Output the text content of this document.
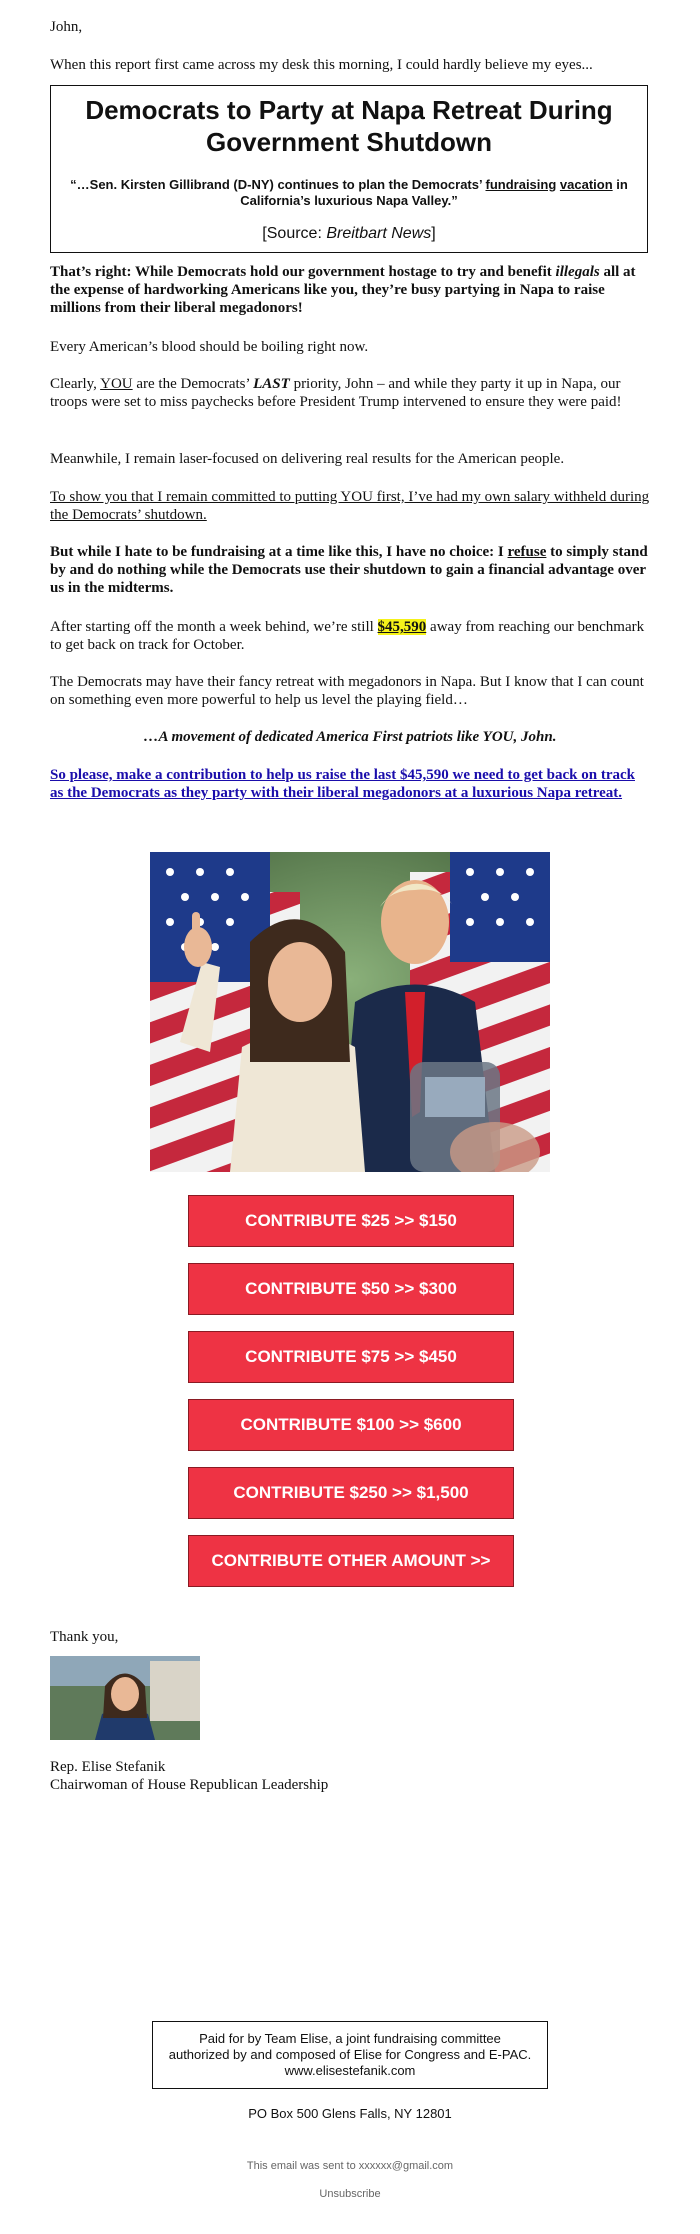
John,
When this report first came across my desk this morning, I could hardly believe my eyes...
Democrats to Party at Napa Retreat During Government Shutdown
“…Sen. Kirsten Gillibrand (D-NY) continues to plan the Democrats’ fundraising vacation in California’s luxurious Napa Valley.”
[Source: Breitbart News]

That’s right: While Democrats hold our government hostage to try and benefit illegals all at the expense of hardworking Americans like you, they’re busy partying in Napa to raise millions from their liberal megadonors!

Every American’s blood should be boiling right now.

Clearly, YOU are the Democrats’ LAST priority, John – and while they party it up in Napa, our troops were set to miss paychecks before President Trump intervened to ensure they were paid!

Meanwhile, I remain laser-focused on delivering real results for the American people.

To show you that I remain committed to putting YOU first, I’ve had my own salary withheld during the Democrats’ shutdown.

But while I hate to be fundraising at a time like this, I have no choice: I refuse to simply stand by and do nothing while the Democrats use their shutdown to gain a financial advantage over us in the midterms.

After starting off the month a week behind, we’re still $45,590 away from reaching our benchmark to get back on track for October.

The Democrats may have their fancy retreat with megadonors in Napa. But I know that I can count on something even more powerful to help us level the playing field…

…A movement of dedicated America First patriots like YOU, John.

So please, make a contribution to help us raise the last $45,590 we need to get back on track as the Democrats as they party with their liberal megadonors at a luxurious Napa retreat.

CONTRIBUTE $25 >> $150
CONTRIBUTE $50 >> $300
CONTRIBUTE $75 >> $450
CONTRIBUTE $100 >> $600
CONTRIBUTE $250 >> $1,500
CONTRIBUTE OTHER AMOUNT >>
Thank you,
Rep. Elise Stefanik
Chairwoman of House Republican Leadership
Paid for by Team Elise, a joint fundraising committee authorized by and composed of Elise for Congress and E-PAC. www.elisestefanik.com
PO Box 500 Glens Falls, NY 12801
This email was sent to xxxxxx@gmail.com
Unsubscribe
